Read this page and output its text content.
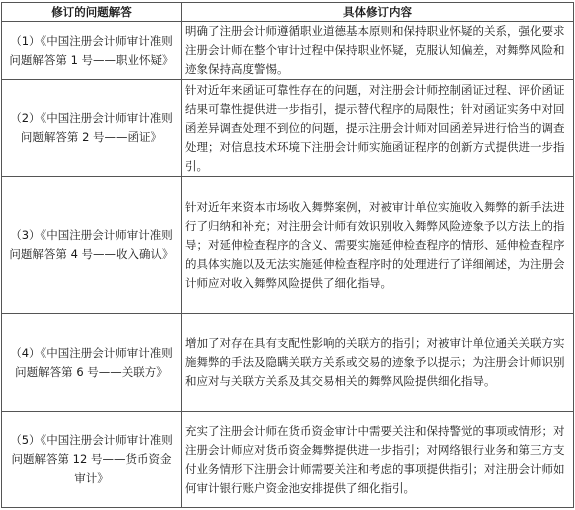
修订的问题解答	具体修订内容
（1）《中国注册会计师审计准则问题解答第 1 号——职业怀疑》	明确了注册会计师遵循职业道德基本原则和保持职业怀疑的关系，强化要求注册会计师在整个审计过程中保持职业怀疑，克服认知偏差，对舞弊风险和迹象保持高度警惕。
（2）《中国注册会计师审计准则问题解答第 2 号——函证》	针对近年来函证可靠性存在的问题，对注册会计师控制函证过程、评价函证结果可靠性提供进一步指引，提示替代程序的局限性；针对函证实务中对回函差异调查处理不到位的问题，提示注册会计师对回函差异进行恰当的调查处理；对信息技术环境下注册会计师实施函证程序的创新方式提供进一步指引。
（3）《中国注册会计师审计准则问题解答第 4 号——收入确认》	针对近年来资本市场收入舞弊案例，对被审计单位实施收入舞弊的新手法进行了归纳和补充；对注册会计师有效识别收入舞弊风险迹象予以方法上的指导；对延伸检查程序的含义、需要实施延伸检查程序的情形、延伸检查程序的具体实施以及无法实施延伸检查程序时的处理进行了详细阐述，为注册会计师应对收入舞弊风险提供了细化指导。
（4）《中国注册会计师审计准则问题解答第 6 号——关联方》	增加了对存在具有支配性影响的关联方的指引；对被审计单位通关关联方实施舞弊的手法及隐瞒关联方关系或交易的迹象予以提示；为注册会计师识别和应对与关联方关系及其交易相关的舞弊风险提供细化指导。
（5）《中国注册会计师审计准则问题解答第 12 号——货币资金审计》	充实了注册会计师在货币资金审计中需要关注和保持警觉的事项或情形；对注册会计师应对货币资金舞弊提供进一步指引；对网络银行业务和第三方支付业务情形下注册会计师需要关注和考虑的事项提供指引；对注册会计师如何审计银行账户资金池安排提供了细化指引。
